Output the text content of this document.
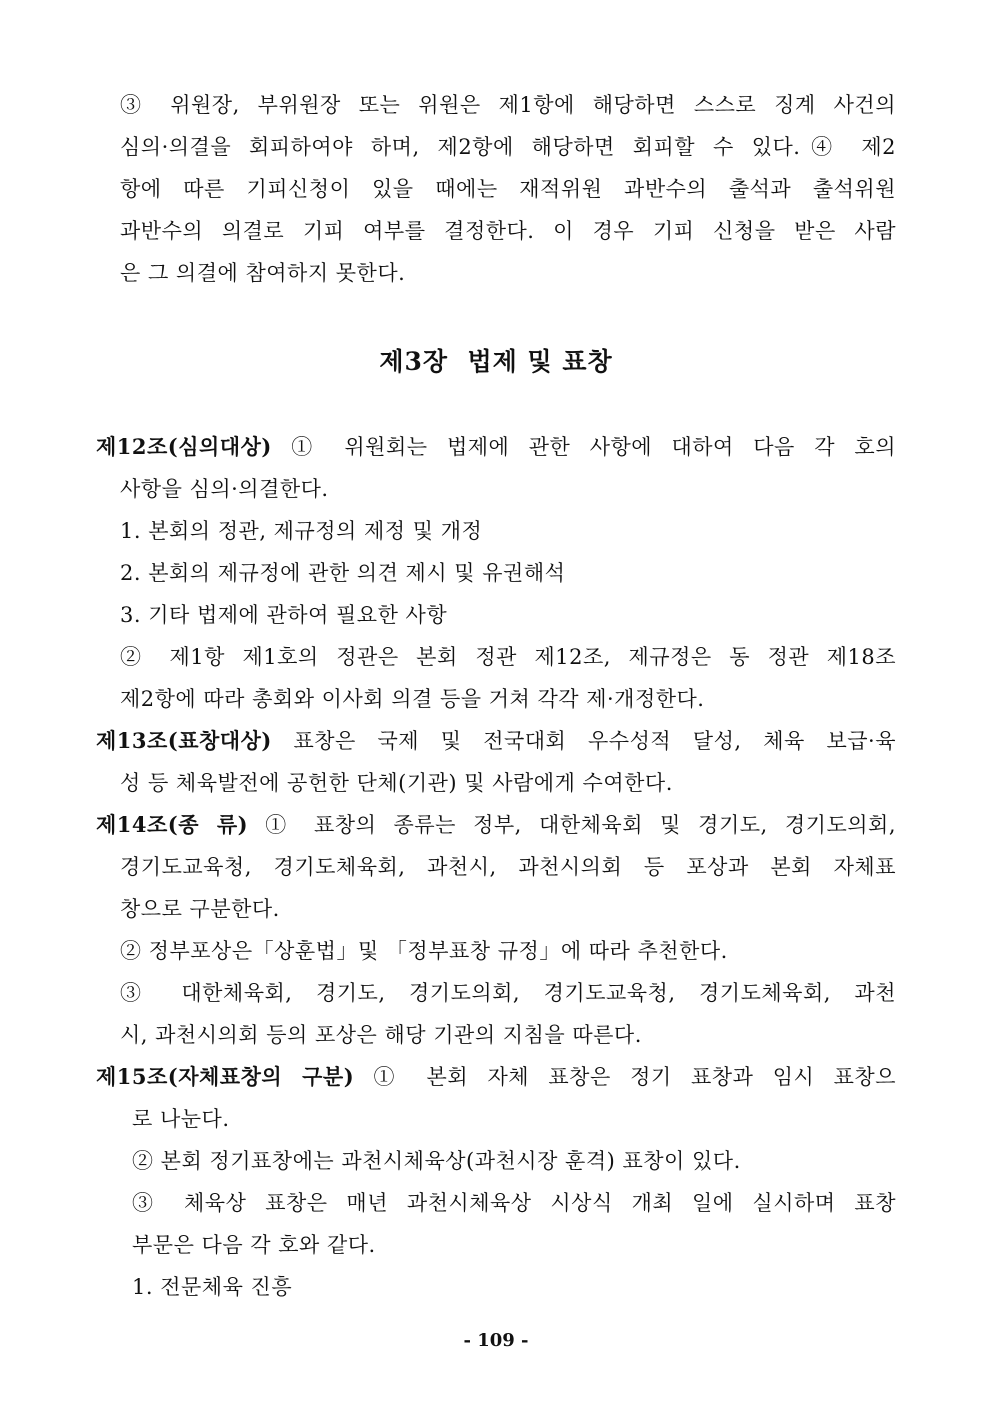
③ 위원장, 부위원장 또는 위원은 제1항에 해당하면 스스로 징계 사건의
심의·의결을 회피하여야 하며, 제2항에 해당하면 회피할 수 있다.④ 제2
항에 따른 기피신청이 있을 때에는 재적위원 과반수의 출석과 출석위원
과반수의 의결로 기피 여부를 결정한다. 이 경우 기피 신청을 받은 사람
은 그 의결에 참여하지 못한다.
제3장  법제 및 표창
제12조(심의대상) ① 위원회는 법제에 관한 사항에 대하여 다음 각 호의
사항을 심의·의결한다.
1. 본회의 정관, 제규정의 제정 및 개정
2. 본회의 제규정에 관한 의견 제시 및 유권해석
3. 기타 법제에 관하여 필요한 사항
② 제1항 제1호의 정관은 본회 정관 제12조, 제규정은 동 정관 제18조
제2항에 따라 총회와 이사회 의결 등을 거쳐 각각 제·개정한다.
제13조(표창대상) 표창은 국제 및 전국대회 우수성적 달성, 체육 보급·육
성 등 체육발전에 공헌한 단체(기관) 및 사람에게 수여한다.
제14조(종 류) ① 표창의 종류는 정부, 대한체육회 및 경기도, 경기도의회,
경기도교육청, 경기도체육회, 과천시, 과천시의회 등 포상과 본회 자체표
창으로 구분한다.
② 정부포상은「상훈법」및 「정부표창 규정」에 따라 추천한다.
③ 대한체육회, 경기도, 경기도의회, 경기도교육청, 경기도체육회, 과천
시, 과천시의회 등의 포상은 해당 기관의 지침을 따른다.
제15조(자체표창의 구분) ① 본회 자체 표창은 정기 표창과 임시 표창으
로 나눈다.
② 본회 정기표창에는 과천시체육상(과천시장 훈격) 표창이 있다.
③ 체육상 표창은 매년 과천시체육상 시상식 개최 일에 실시하며 표창
부문은 다음 각 호와 같다.
1. 전문체육 진흥
- 109 -
